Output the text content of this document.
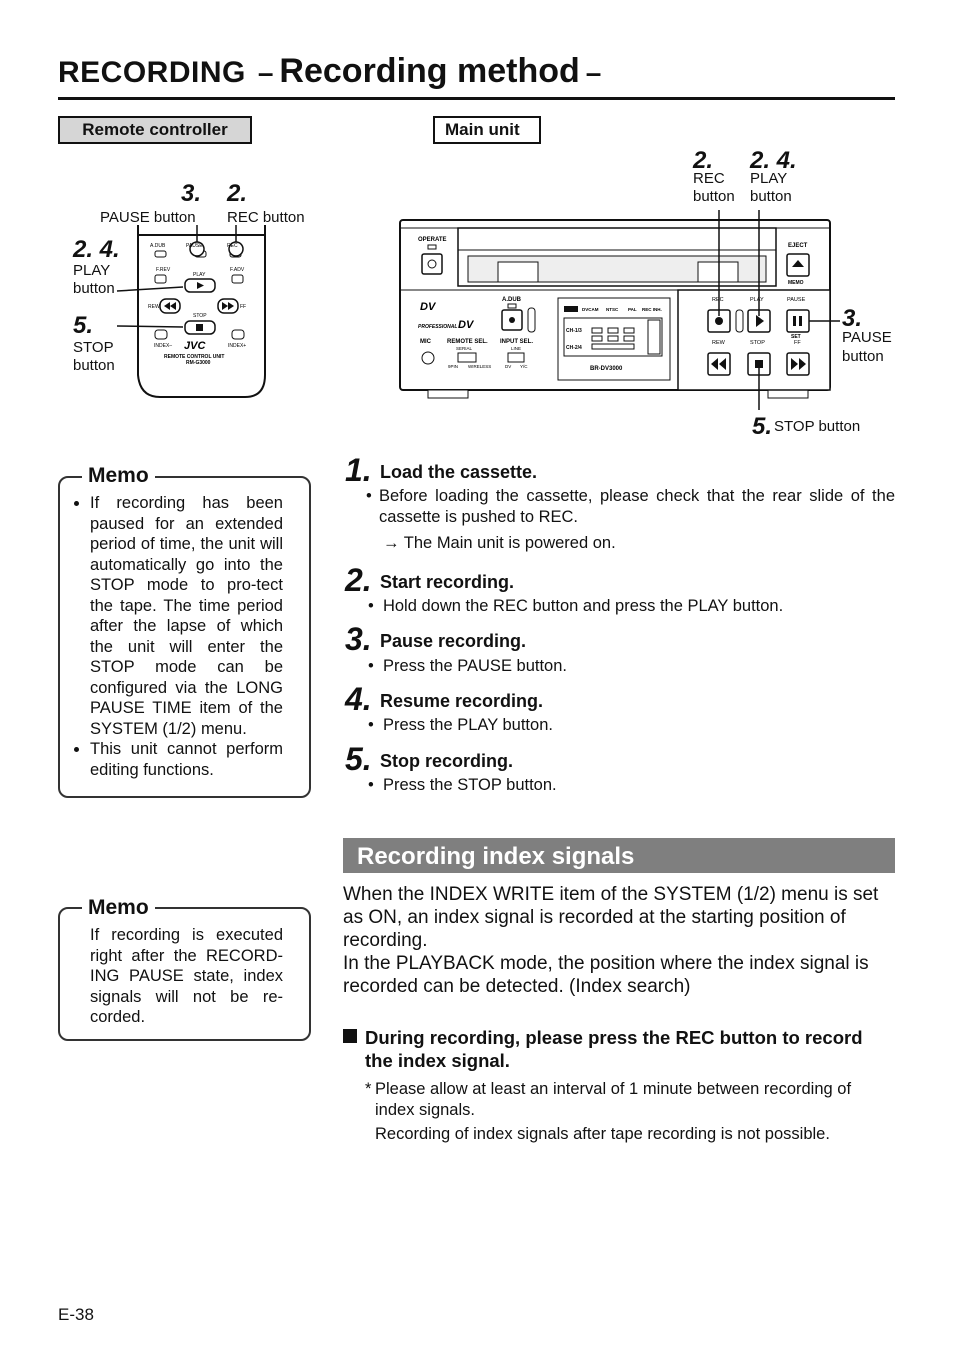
RECORDING – Recording method –
Remote controller	Main unit
3.
PAUSE button
2.
REC button
2. 4.
PLAY
button
5.
STOP
button
A.DUB	PAUSE	REC
F.REV	F.ADV
PLAY
REW	FF
STOP
INDEX–	INDEX+
JVC
REMOTE CONTROL UNIT
RM-G3000
2.
REC
button
2. 4.
PLAY
button
3.
PAUSE
button
5. STOP button
OPERATE
EJECT
MEMO
A.DUB
DV
PROFESSIONAL DV
MIC	REMOTE SEL.
SERIAL
9PIN WIRELESS
INPUT SEL.
LINE
DV Y/C
DVCAM NTSC PAL REC INH.
CH-1/3
CH-2/4
BR-DV3000
REC	PLAY	PAUSE
SET
REW	STOP	FF
Memo
• If recording has been paused for an extended period of time, the unit will automatically go into the STOP mode to pro-tect the tape. The time period after the lapse of which the unit will enter the STOP mode can be configured via the LONG PAUSE TIME item of the SYSTEM (1/2) menu.
• This unit cannot perform editing functions.
Memo
If recording is executed right after the RECORD-ING PAUSE state, index signals will not be re-corded.
1. Load the cassette.
• Before loading the cassette, please check that the rear slide of the cassette is pushed to REC.
→ The Main unit is powered on.
2. Start recording.
•  Hold down the REC button and press the PLAY button.
3. Pause recording.
•  Press the PAUSE button.
4. Resume recording.
•  Press the PLAY button.
5. Stop recording.
•  Press the STOP button.
Recording index signals
When the INDEX WRITE item of the SYSTEM (1/2) menu is set as ON, an index signal is recorded at the starting position of recording.
In the PLAYBACK mode, the position where the index signal is recorded can be detected. (Index search)
During recording, please press the REC button to record the index signal.
* Please allow at least an interval of 1 minute between recording of index signals.
Recording of index signals after tape recording is not possible.
E-38
